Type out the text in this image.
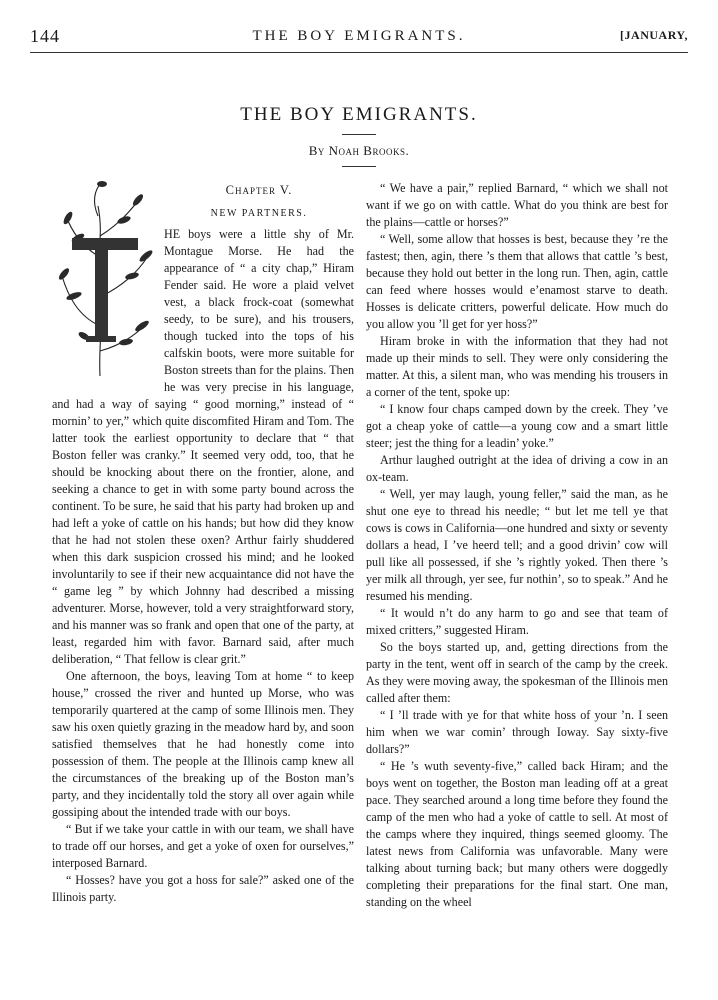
144	THE BOY EMIGRANTS.	[JANUARY,
THE BOY EMIGRANTS.
By Noah Brooks.
T
Chapter V.
NEW PARTNERS.

HE boys were a little shy of Mr. Montague Morse. He had the appearance of “ a city chap,” Hiram Fender said. He wore a plaid velvet vest, a black frock-coat (somewhat seedy, to be sure), and his trousers, though tucked into the tops of his calfskin boots, were more suitable for Boston streets than for the plains. Then he was very precise in his language, and had a way of saying “ good morning,” instead of “ mornin’ to yer,” which quite discomfited Hiram and Tom. The latter took the earliest opportunity to declare that “ that Boston feller was cranky.” It seemed very odd, too, that he should be knocking about there on the frontier, alone, and seeking a chance to get in with some party bound across the continent. To be sure, he said that his party had broken up and had left a yoke of cattle on his hands; but how did they know that he had not stolen these oxen? Arthur fairly shuddered when this dark suspicion crossed his mind; and he looked involuntarily to see if their new acquaintance did not have the “ game leg ” by which Johnny had described a missing adventurer. Morse, however, told a very straightforward story, and his manner was so frank and open that one of the party, at least, regarded him with favor. Barnard said, after much deliberation, “ That fellow is clear grit.”

One afternoon, the boys, leaving Tom at home “ to keep house,” crossed the river and hunted up Morse, who was temporarily quartered at the camp of some Illinois men. They saw his oxen quietly grazing in the meadow hard by, and soon satisfied themselves that he had honestly come into possession of them. The people at the Illinois camp knew all the circumstances of the breaking up of the Boston man’s party, and they incidentally told the story all over again while gossiping about the intended trade with our boys.

“ But if we take your cattle in with our team, we shall have to trade off our horses, and get a yoke of oxen for ourselves,” interposed Barnard.

“ Hosses? have you got a hoss for sale?” asked one of the Illinois party.

“ We have a pair,” replied Barnard, “ which we shall not want if we go on with cattle. What do you think are best for the plains—cattle or horses?”

“ Well, some allow that hosses is best, because they ’re the fastest; then, agin, there ’s them that allows that cattle ’s best, because they hold out better in the long run. Then, agin, cattle can feed where hosses would e’enamost starve to death. Hosses is delicate critters, powerful delicate. How much do you allow you ’ll get for yer hoss?”

Hiram broke in with the information that they had not made up their minds to sell. They were only considering the matter. At this, a silent man, who was mending his trousers in a corner of the tent, spoke up:

“ I know four chaps camped down by the creek. They ’ve got a cheap yoke of cattle—a young cow and a smart little steer; jest the thing for a leadin’ yoke.”

Arthur laughed outright at the idea of driving a cow in an ox-team.

“ Well, yer may laugh, young feller,” said the man, as he shut one eye to thread his needle; “ but let me tell ye that cows is cows in California—one hundred and sixty or seventy dollars a head, I ’ve heerd tell; and a good drivin’ cow will pull like all possessed, if she ’s rightly yoked. Then there ’s yer milk all through, yer see, fur nothin’, so to speak.” And he resumed his mending.

“ It would n’t do any harm to go and see that team of mixed critters,” suggested Hiram.

So the boys started up, and, getting directions from the party in the tent, went off in search of the camp by the creek. As they were moving away, the spokesman of the Illinois men called after them:

“ I ’ll trade with ye for that white hoss of your ’n. I seen him when we war comin’ through Ioway. Say sixty-five dollars?”

“ He ’s wuth seventy-five,” called back Hiram; and the boys went on together, the Boston man leading off at a great pace. They searched around a long time before they found the camp of the men who had a yoke of cattle to sell. At most of the camps where they inquired, things seemed gloomy. The latest news from California was unfavorable. Many were talking about turning back; but many others were doggedly completing their preparations for the final start. One man, standing on the wheel
